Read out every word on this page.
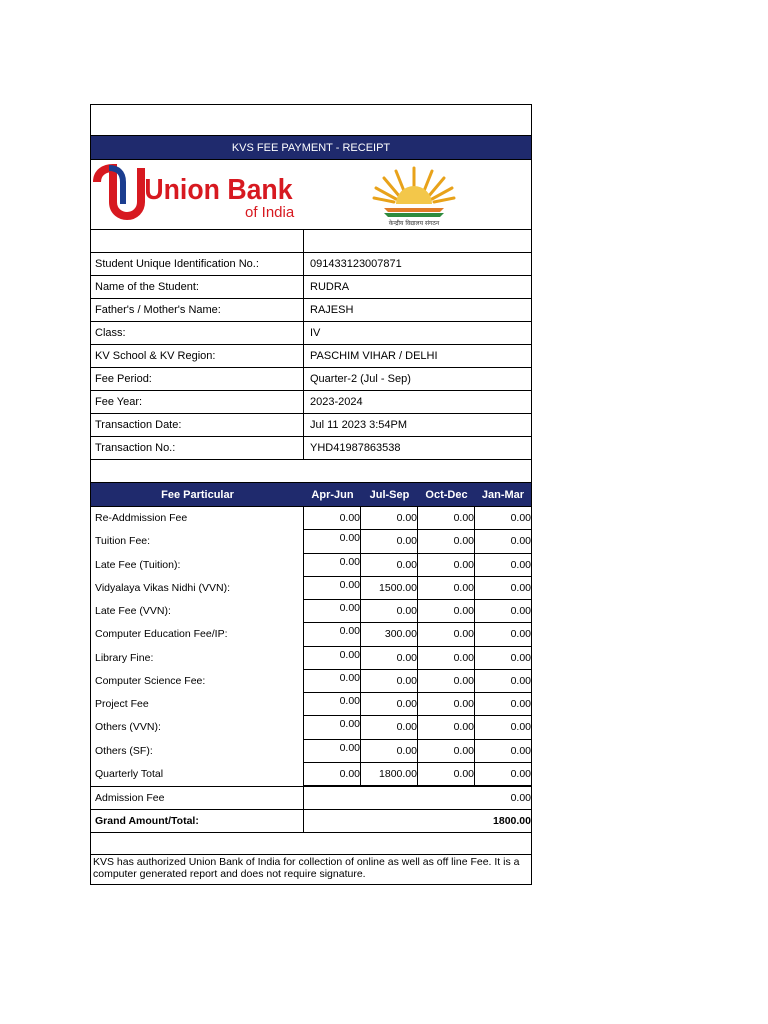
KVS FEE PAYMENT - RECEIPT
Union Bank
of India
केन्द्रीय विद्यालय संगठन
Student Unique Identification No.:	091433123007871
Name of the Student:	RUDRA
Father's / Mother's Name:	RAJESH
Class:	IV
KV School & KV Region:	PASCHIM VIHAR / DELHI
Fee Period:	Quarter-2 (Jul - Sep)
Fee Year:	2023-2024
Transaction Date:	Jul 11 2023 3:54PM
Transaction No.:	YHD41987863538
Fee Particular	Apr-Jun	Jul-Sep	Oct-Dec	Jan-Mar
Re-Addmission Fee	0.00	0.00	0.00	0.00
Tuition Fee:	0.00	0.00	0.00	0.00
Late Fee (Tuition):	0.00	0.00	0.00	0.00
Vidyalaya Vikas Nidhi (VVN):	0.00	1500.00	0.00	0.00
Late Fee (VVN):	0.00	0.00	0.00	0.00
Computer Education Fee/IP:	0.00	300.00	0.00	0.00
Library Fine:	0.00	0.00	0.00	0.00
Computer Science Fee:	0.00	0.00	0.00	0.00
Project Fee	0.00	0.00	0.00	0.00
Others (VVN):	0.00	0.00	0.00	0.00
Others (SF):	0.00	0.00	0.00	0.00
Quarterly Total	0.00	1800.00	0.00	0.00
Admission Fee	0.00
Grand Amount/Total:	1800.00
KVS has authorized Union Bank of India for collection of online as well as off line Fee. It is a computer generated report and does not require signature.
